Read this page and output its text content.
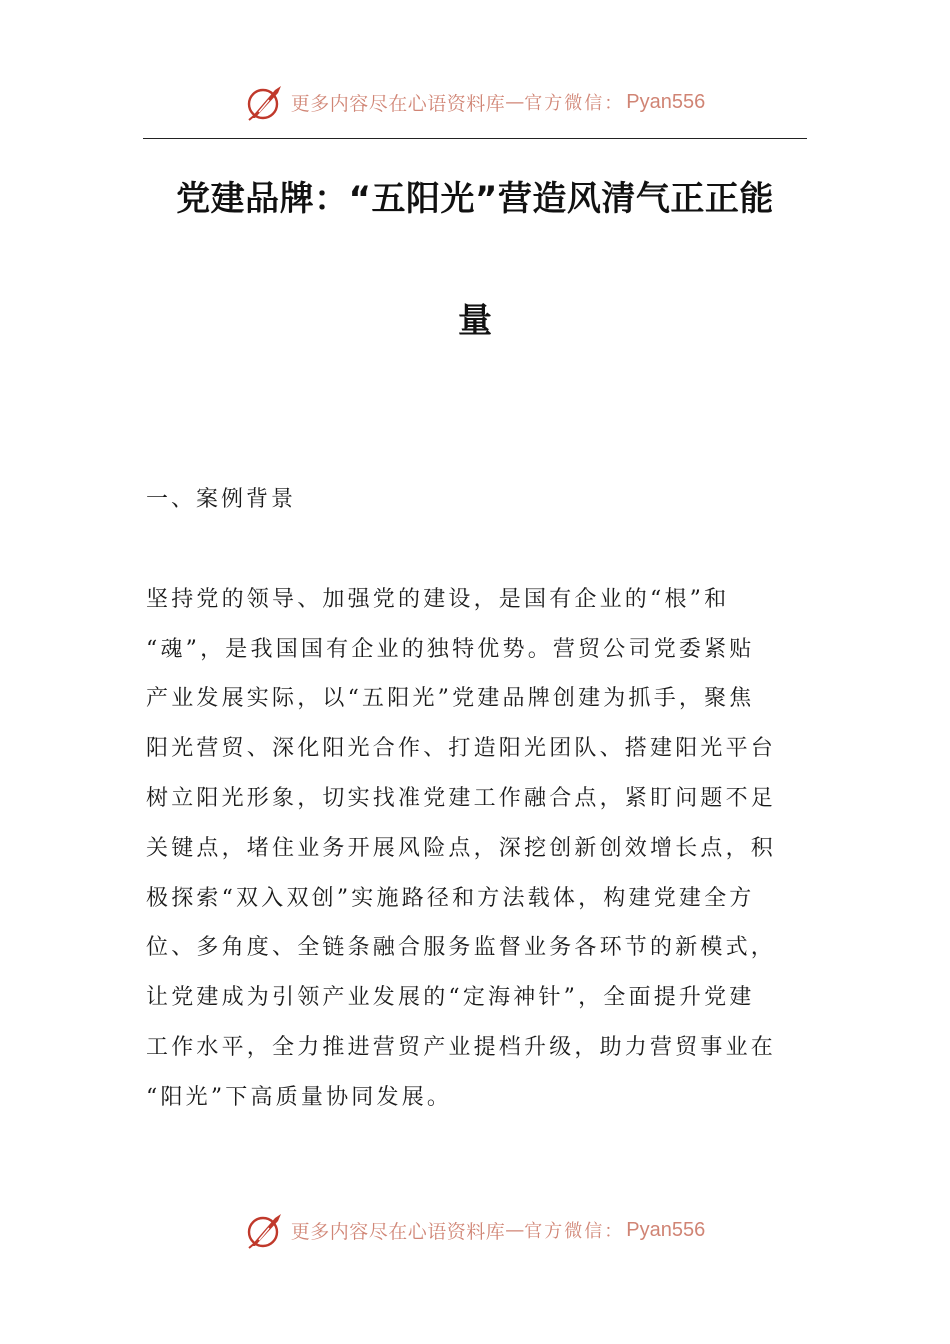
更多内容尽在心语资料库 — 官方微信： Pyan556
党建品牌：“五阳光”营造风清气正正能
量
一、案例背景
坚持党的领导、加强党的建设，是国有企业的“根”和
“魂”，是我国国有企业的独特优势。营贸公司党委紧贴
产业发展实际，以“五阳光”党建品牌创建为抓手，聚焦
阳光营贸、深化阳光合作、打造阳光团队、搭建阳光平台
树立阳光形象，切实找准党建工作融合点，紧盯问题不足
关键点，堵住业务开展风险点，深挖创新创效增长点，积
极探索“双入双创”实施路径和方法载体，构建党建全方
位、多角度、全链条融合服务监督业务各环节的新模式，
让党建成为引领产业发展的“定海神针”，全面提升党建
工作水平，全力推进营贸产业提档升级，助力营贸事业在
“阳光”下高质量协同发展。
更多内容尽在心语资料库 — 官方微信： Pyan556
